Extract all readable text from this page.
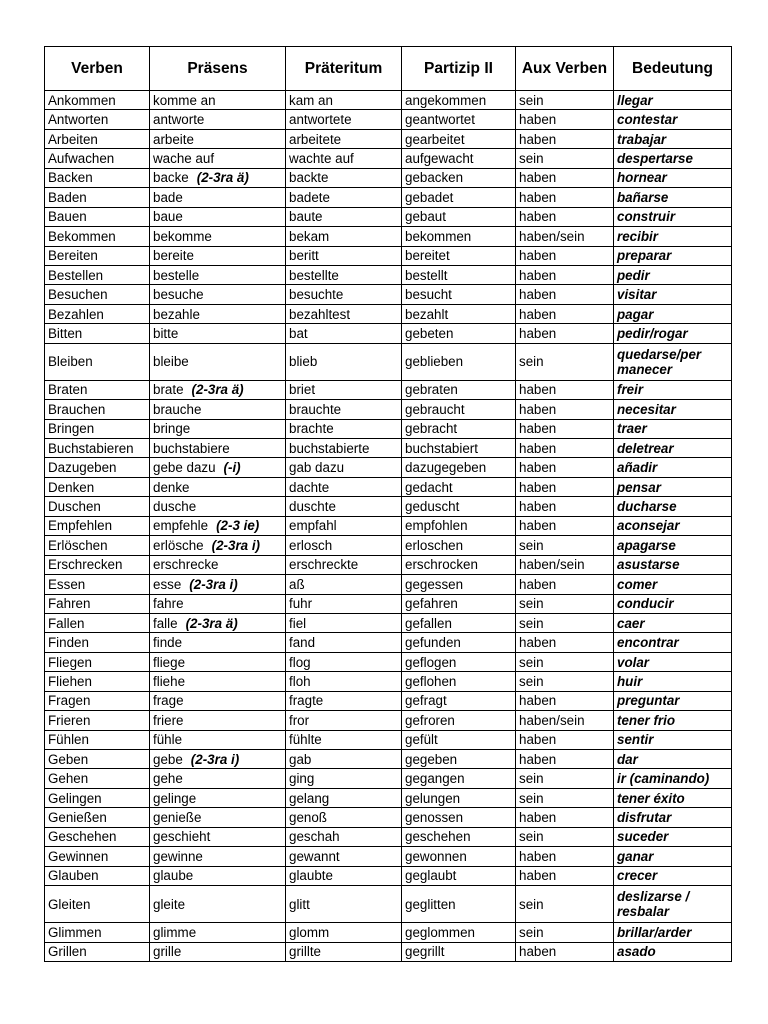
Verben	Präsens	Präteritum	Partizip II	Aux Verben	Bedeutung
Ankommen	komme an	kam an	angekommen	sein	llegar
Antworten	antworte	antwortete	geantwortet	haben	contestar
Arbeiten	arbeite	arbeitete	gearbeitet	haben	trabajar
Aufwachen	wache auf	wachte auf	aufgewacht	sein	despertarse
Backen	backe (2-3ra ä)	backte	gebacken	haben	hornear
Baden	bade	badete	gebadet	haben	bañarse
Bauen	baue	baute	gebaut	haben	construir
Bekommen	bekomme	bekam	bekommen	haben/sein	recibir
Bereiten	bereite	beritt	bereitet	haben	preparar
Bestellen	bestelle	bestellte	bestellt	haben	pedir
Besuchen	besuche	besuchte	besucht	haben	visitar
Bezahlen	bezahle	bezahltest	bezahlt	haben	pagar
Bitten	bitte	bat	gebeten	haben	pedir/rogar
Bleiben	bleibe	blieb	geblieben	sein	quedarse/per manecer
Braten	brate (2-3ra ä)	briet	gebraten	haben	freir
Brauchen	brauche	brauchte	gebraucht	haben	necesitar
Bringen	bringe	brachte	gebracht	haben	traer
Buchstabieren	buchstabiere	buchstabierte	buchstabiert	haben	deletrear
Dazugeben	gebe dazu (-i)	gab dazu	dazugegeben	haben	añadir
Denken	denke	dachte	gedacht	haben	pensar
Duschen	dusche	duschte	geduscht	haben	ducharse
Empfehlen	empfehle (2-3 ie)	empfahl	empfohlen	haben	aconsejar
Erlöschen	erlösche (2-3ra i)	erlosch	erloschen	sein	apagarse
Erschrecken	erschrecke	erschreckte	erschrocken	haben/sein	asustarse
Essen	esse (2-3ra i)	aß	gegessen	haben	comer
Fahren	fahre	fuhr	gefahren	sein	conducir
Fallen	falle (2-3ra ä)	fiel	gefallen	sein	caer
Finden	finde	fand	gefunden	haben	encontrar
Fliegen	fliege	flog	geflogen	sein	volar
Fliehen	fliehe	floh	geflohen	sein	huir
Fragen	frage	fragte	gefragt	haben	preguntar
Frieren	friere	fror	gefroren	haben/sein	tener frio
Fühlen	fühle	fühlte	gefült	haben	sentir
Geben	gebe (2-3ra i)	gab	gegeben	haben	dar
Gehen	gehe	ging	gegangen	sein	ir (caminando)
Gelingen	gelinge	gelang	gelungen	sein	tener éxito
Genießen	genieße	genoß	genossen	haben	disfrutar
Geschehen	geschieht	geschah	geschehen	sein	suceder
Gewinnen	gewinne	gewannt	gewonnen	haben	ganar
Glauben	glaube	glaubte	geglaubt	haben	crecer
Gleiten	gleite	glitt	geglitten	sein	deslizarse / resbalar
Glimmen	glimme	glomm	geglommen	sein	brillar/arder
Grillen	grille	grillte	gegrillt	haben	asado
